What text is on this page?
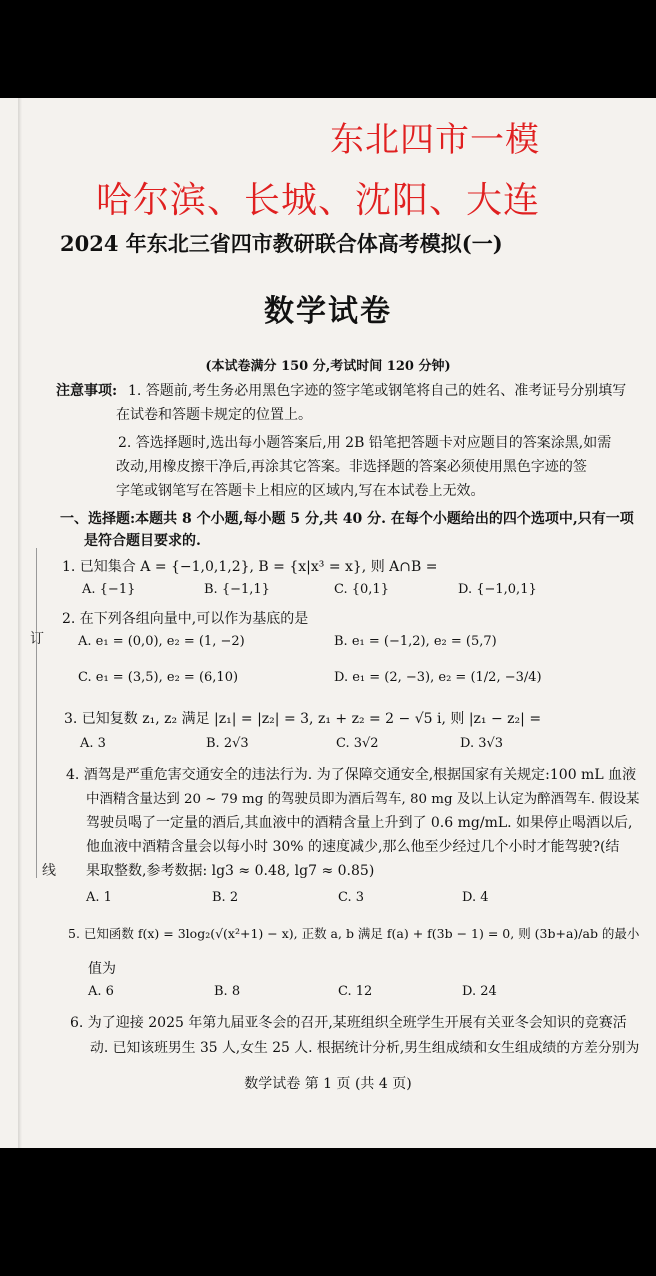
订
线
东北四市一模
哈尔滨、长城、沈阳、大连
2024 年东北三省四市教研联合体高考模拟(一)
数学试卷
(本试卷满分 150 分,考试时间 120 分钟)
注意事项: 1. 答题前,考生务必用黑色字迹的签字笔或钢笔将自己的姓名、准考证号分别填写
在试卷和答题卡规定的位置上。
2. 答选择题时,选出每小题答案后,用 2B 铅笔把答题卡对应题目的答案涂黑,如需
改动,用橡皮擦干净后,再涂其它答案。非选择题的答案必须使用黑色字迹的签
字笔或钢笔写在答题卡上相应的区域内,写在本试卷上无效。
一、选择题:本题共 8 个小题,每小题 5 分,共 40 分. 在每个小题给出的四个选项中,只有一项
是符合题目要求的.
1. 已知集合 A = {−1,0,1,2}, B = {x|x³ = x}, 则 A∩B =
A. {−1}	B. {−1,1}	C. {0,1}	D. {−1,0,1}
2. 在下列各组向量中,可以作为基底的是
A. e₁ = (0,0), e₂ = (1, −2)	B. e₁ = (−1,2), e₂ = (5,7)
C. e₁ = (3,5), e₂ = (6,10)	D. e₁ = (2, −3), e₂ = (1/2, −3/4)
3. 已知复数 z₁, z₂ 满足 |z₁| = |z₂| = 3, z₁ + z₂ = 2 − √5 i, 则 |z₁ − z₂| =
A. 3	B. 2√3	C. 3√2	D. 3√3
4. 酒驾是严重危害交通安全的违法行为. 为了保障交通安全,根据国家有关规定:100 mL 血液
中酒精含量达到 20 ~ 79 mg 的驾驶员即为酒后驾车, 80 mg 及以上认定为醉酒驾车. 假设某
驾驶员喝了一定量的酒后,其血液中的酒精含量上升到了 0.6 mg/mL. 如果停止喝酒以后,
他血液中酒精含量会以每小时 30% 的速度减少,那么他至少经过几个小时才能驾驶?(结
果取整数,参考数据: lg3 ≈ 0.48, lg7 ≈ 0.85)
A. 1	B. 2	C. 3	D. 4
5. 已知函数 f(x) = 3log₂(√(x²+1) − x), 正数 a, b 满足 f(a) + f(3b − 1) = 0, 则 (3b+a)/ab 的最小
值为
A. 6	B. 8	C. 12	D. 24
6. 为了迎接 2025 年第九届亚冬会的召开,某班组织全班学生开展有关亚冬会知识的竞赛活
动. 已知该班男生 35 人,女生 25 人. 根据统计分析,男生组成绩和女生组成绩的方差分别为
数学试卷 第 1 页 (共 4 页)
